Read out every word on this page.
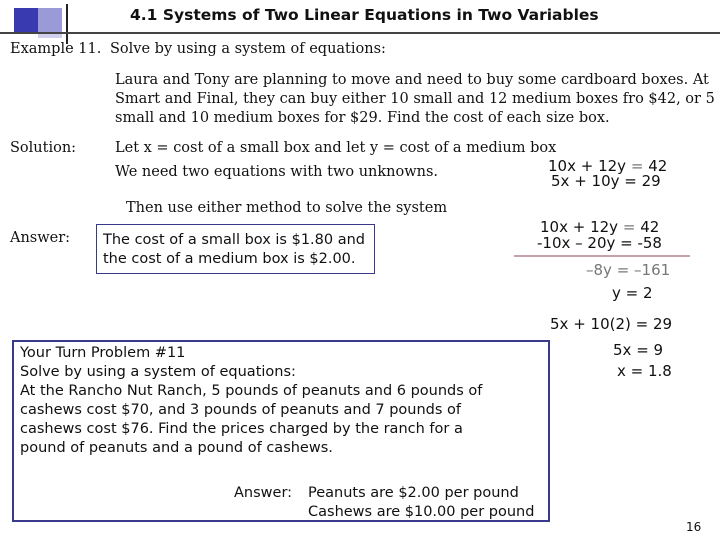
4.1 Systems of Two Linear Equations in Two Variables
Example 11. Solve by using a system of equations:
Laura and Tony are planning to move and need to buy some cardboard boxes. At
Smart and Final, they can buy either 10 small and 12 medium boxes fro $42, or 5
small and 10 medium boxes for $29. Find the cost of each size box.
Solution:	Let x = cost of a small box and let y = cost of a medium box
We need two equations with two unknowns.
Then use either method to solve the system
10x + 12y = 42
5x + 10y = 29
Answer: The cost of a small box is $1.80 and
the cost of a medium box is $2.00.
10x + 12y = 42
-10x – 20y = -58
–8y = –161
y = 2
5x + 10(2) = 29
5x = 9
x = 1.8
Your Turn Problem #11
Solve by using a system of equations:
At the Rancho Nut Ranch, 5 pounds of peanuts and 6 pounds of
cashews cost $70, and 3 pounds of peanuts and 7 pounds of
cashews cost $76. Find the prices charged by the ranch for a
pound of peanuts and a pound of cashews.
Answer: Peanuts are $2.00 per pound
Cashews are $10.00 per pound
16
